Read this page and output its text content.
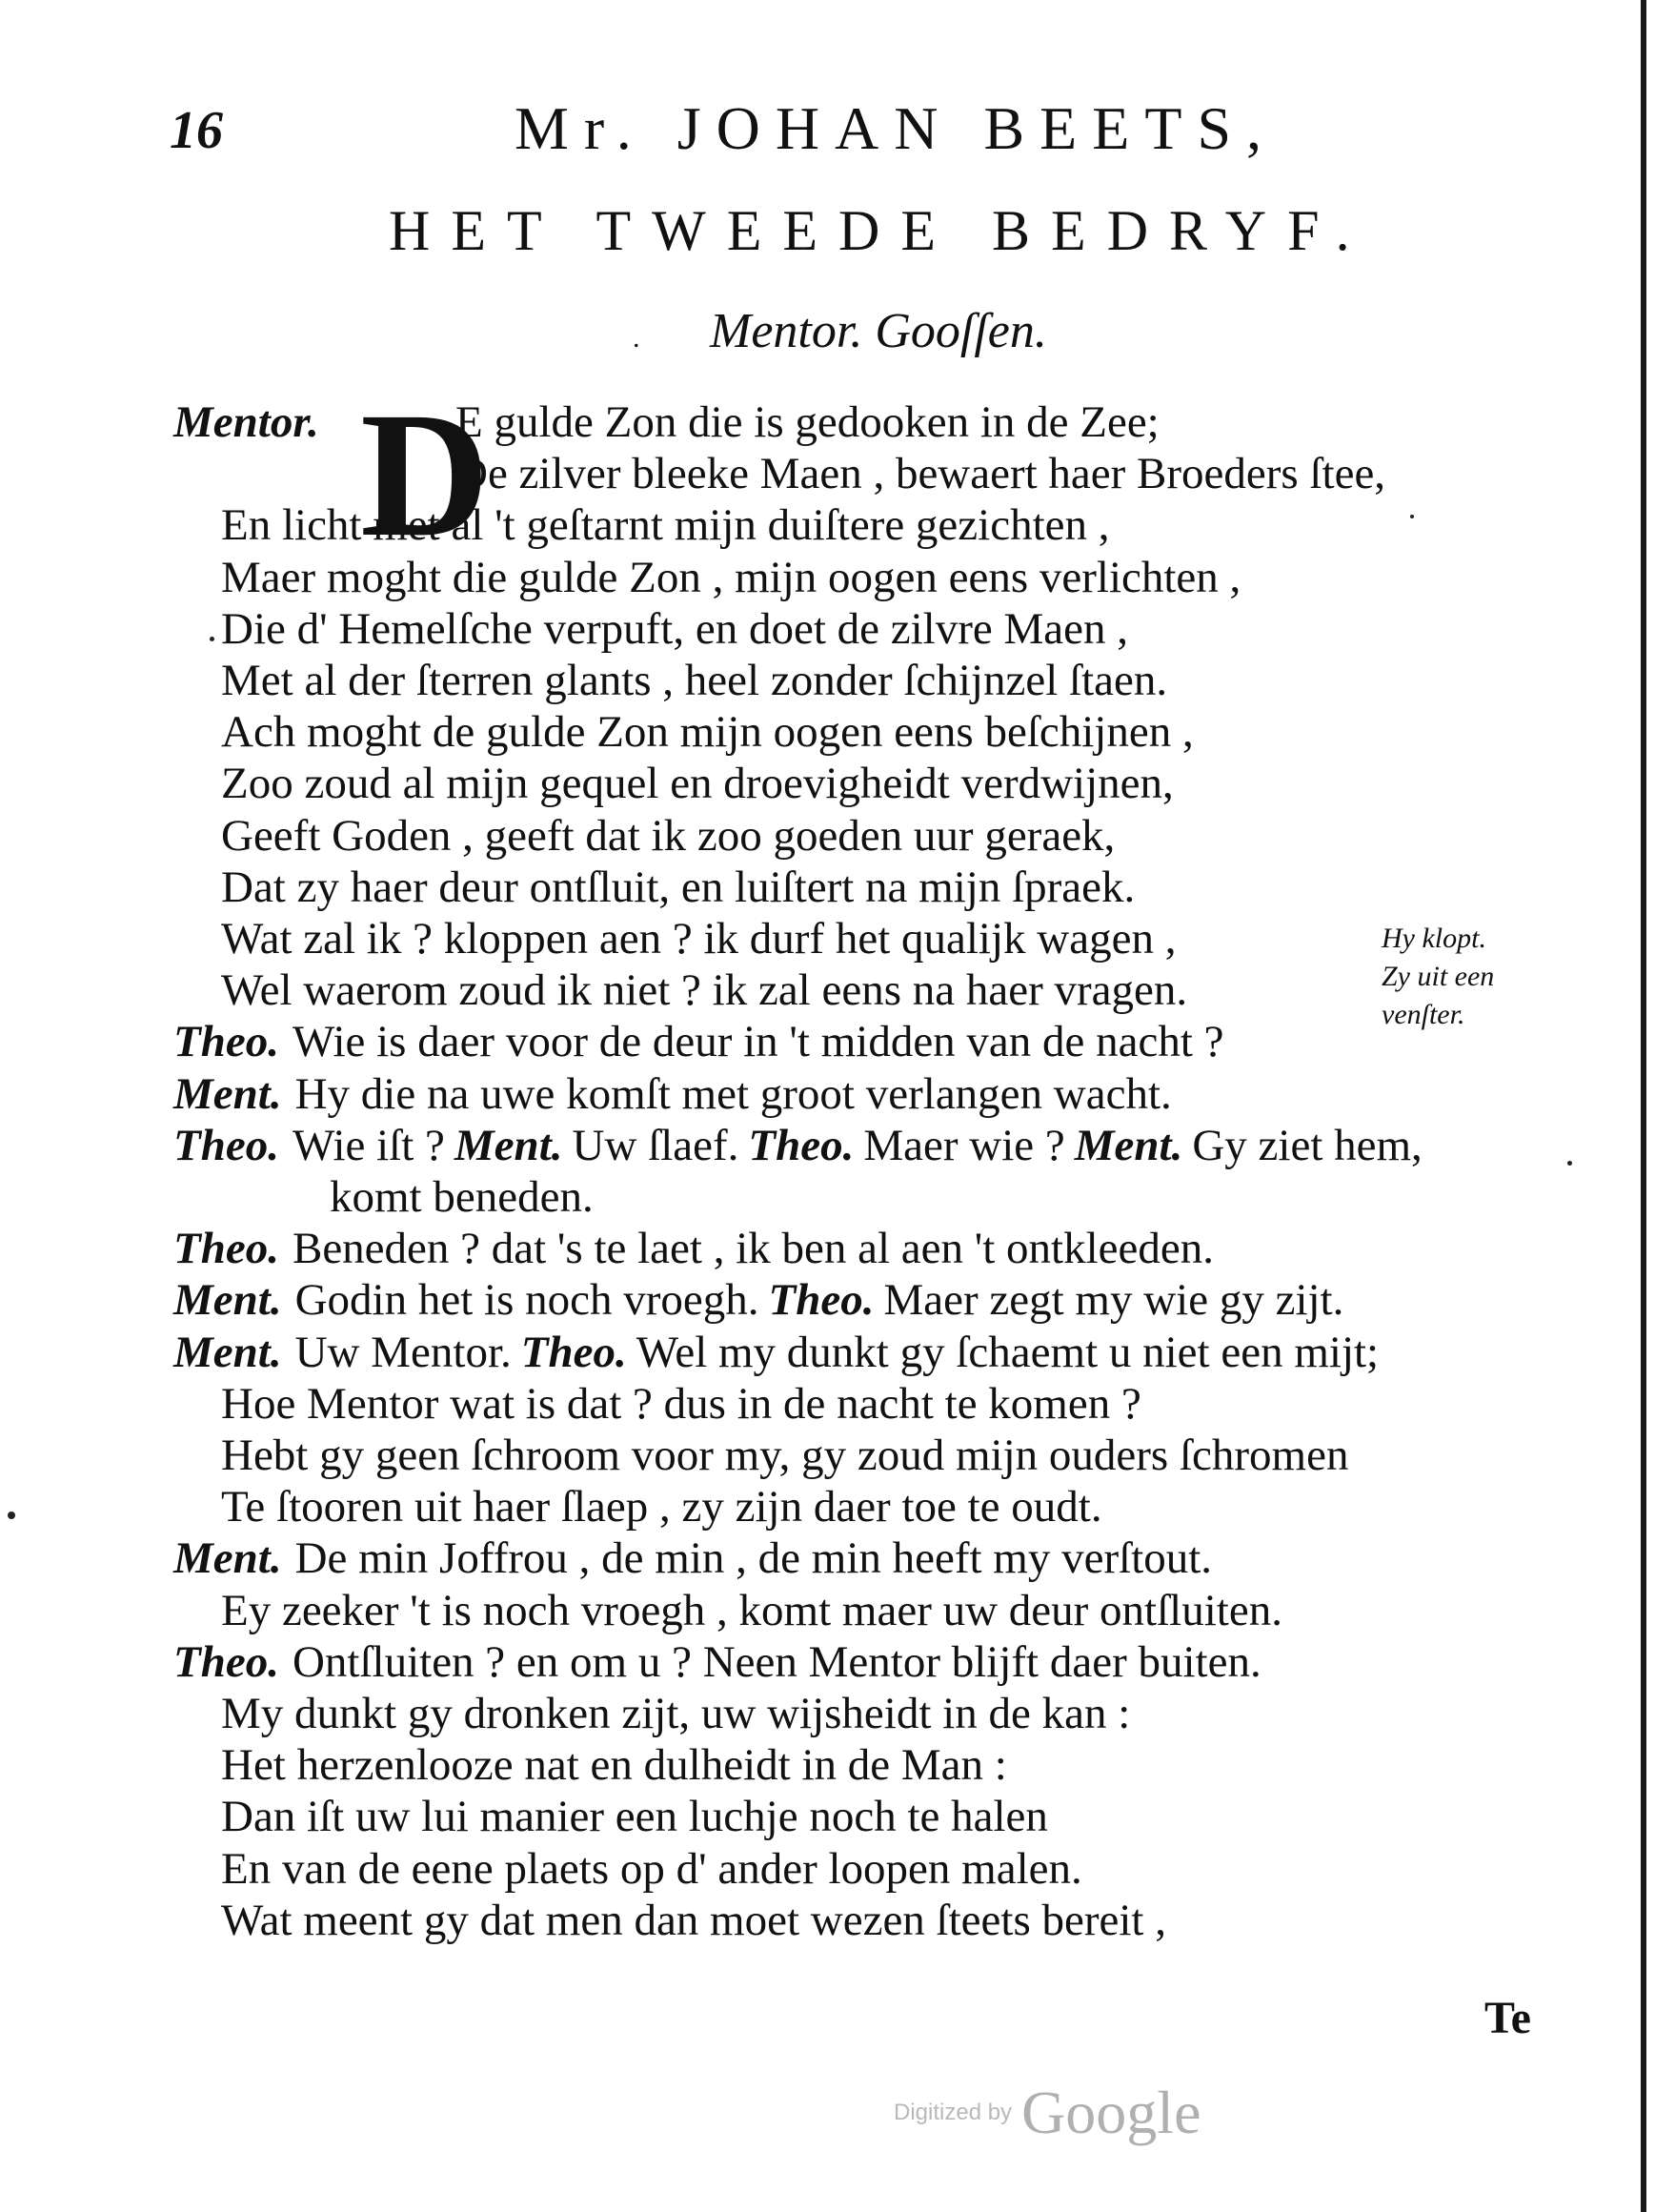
16	Mr. JOHAN BEETS,
HET TWEEDE BEDRYF.
. Mentor. Gooſſen.
D
Mentor.	E gulde Zon die is gedooken in de Zee;
De zilver bleeke Maen , bewaert haer Broeders ſtee,
En licht met al 't geſtarnt mijn duiſtere gezichten ,
Maer moght die gulde Zon , mijn oogen eens verlichten ,
Die d' Hemelſche verpuft, en doet de zilvre Maen ,
Met al der ſterren glants , heel zonder ſchijnzel ſtaen.
Ach moght de gulde Zon mijn oogen eens beſchijnen ,
Zoo zoud al mijn gequel en droevigheidt verdwijnen,
Geeft Goden , geeft dat ik zoo goeden uur geraek,
Dat zy haer deur ontſluit, en luiſtert na mijn ſpraek.
Wat zal ik ? kloppen aen ? ik durf het qualijk wagen ,
Wel waerom zoud ik niet ? ik zal eens na haer vragen.
Theo. Wie is daer voor de deur in 't midden van de nacht ?
Ment. Hy die na uwe komſt met groot verlangen wacht.
Theo. Wie iſt ? Ment. Uw ſlaef. Theo. Maer wie ? Ment. Gy ziet hem,
komt beneden.
Theo. Beneden ? dat 's te laet , ik ben al aen 't ontkleeden.
Ment. Godin het is noch vroegh. Theo. Maer zegt my wie gy zijt.
Ment. Uw Mentor. Theo. Wel my dunkt gy ſchaemt u niet een mijt;
Hoe Mentor wat is dat ? dus in de nacht te komen ?
Hebt gy geen ſchroom voor my, gy zoud mijn ouders ſchromen
Te ſtooren uit haer ſlaep , zy zijn daer toe te oudt.
Ment. De min Joffrou , de min , de min heeft my verſtout.
Ey zeeker 't is noch vroegh , komt maer uw deur ontſluiten.
Theo. Ontſluiten ? en om u ? Neen Mentor blijft daer buiten.
My dunkt gy dronken zijt, uw wijsheidt in de kan :
Het herzenlooze nat en dulheidt in de Man :
Dan iſt uw lui manier een luchje noch te halen
En van de eene plaets op d' ander loopen malen.
Wat meent gy dat men dan moet wezen ſteets bereit ,
Hy klopt.
Zy uit een
venſter.
Te
Digitized by Google
